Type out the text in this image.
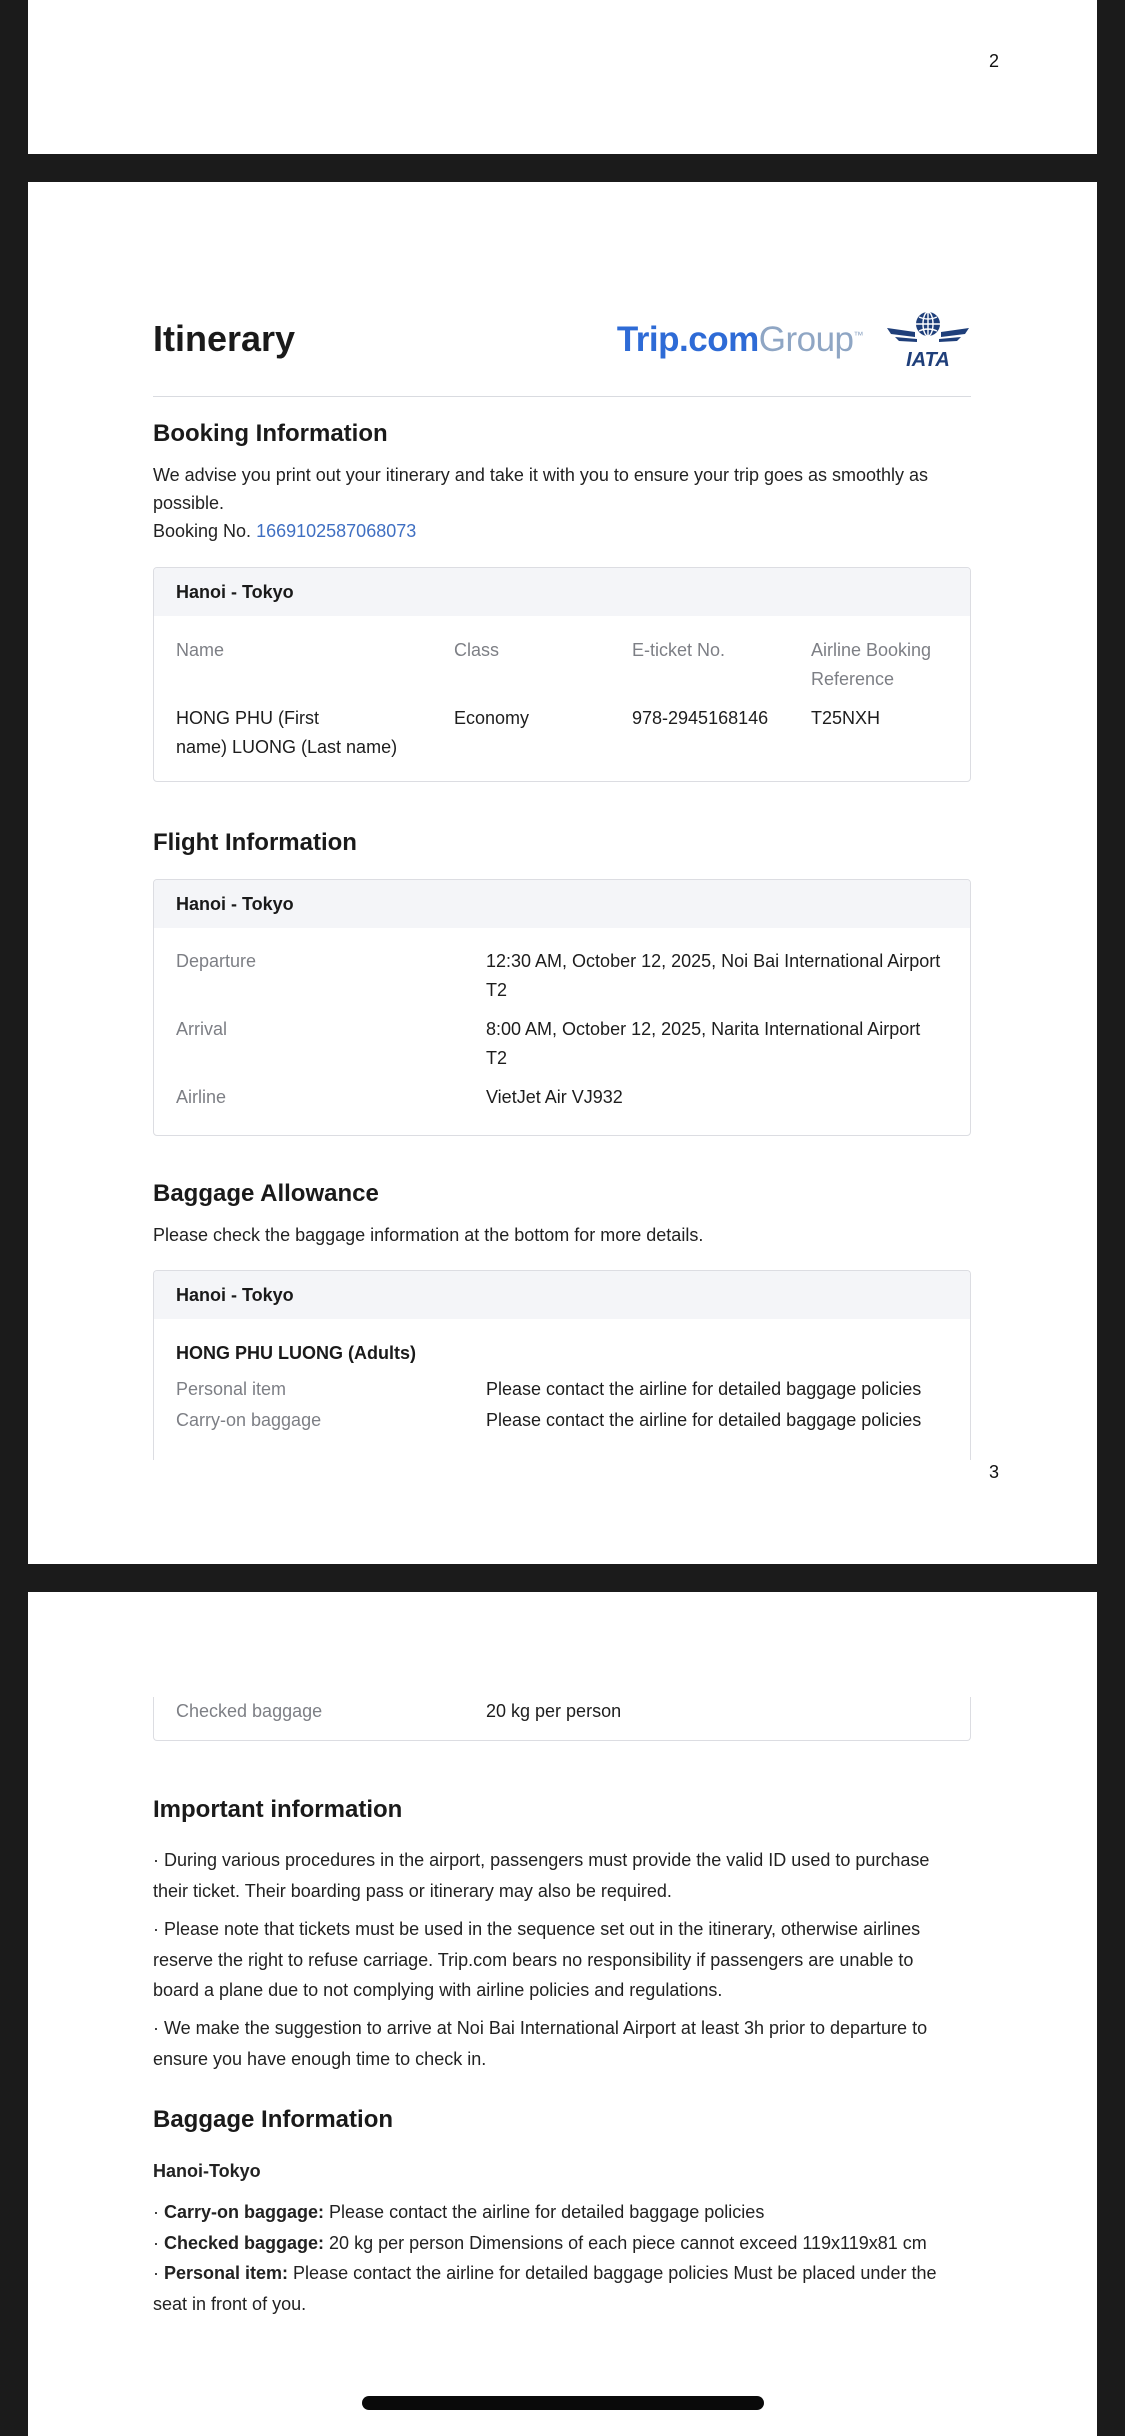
2
Itinerary	Trip.comGroup™
IATA
Booking Information
We advise you print out your itinerary and take it with you to ensure your trip goes as smoothly as
possible.
Booking No. 1669102587068073
Hanoi - Tokyo
Name	Class	E-ticket No.	Airline Booking
Reference
HONG PHU (First
name) LUONG (Last name)
Economy	978-2945168146 T25NXH
Flight Information
Hanoi - Tokyo
Departure	12:30 AM, October 12, 2025, Noi Bai International Airport
T2
Arrival	8:00 AM, October 12, 2025, Narita International Airport
T2
Airline	VietJet Air VJ932
Baggage Allowance
Please check the baggage information at the bottom for more details.
Hanoi - Tokyo
HONG PHU LUONG (Adults)
Personal item	Please contact the airline for detailed baggage policies
Carry-on baggage	Please contact the airline for detailed baggage policies
3
Checked baggage	20 kg per person
Important information
· During various procedures in the airport, passengers must provide the valid ID used to purchase
their ticket. Their boarding pass or itinerary may also be required.
· Please note that tickets must be used in the sequence set out in the itinerary, otherwise airlines
reserve the right to refuse carriage. Trip.com bears no responsibility if passengers are unable to
board a plane due to not complying with airline policies and regulations.
· We make the suggestion to arrive at Noi Bai International Airport at least 3h prior to departure to
ensure you have enough time to check in.
Baggage Information
Hanoi-Tokyo
· Carry-on baggage: Please contact the airline for detailed baggage policies
· Checked baggage: 20 kg per person Dimensions of each piece cannot exceed 119x119x81 cm
· Personal item: Please contact the airline for detailed baggage policies Must be placed under the
seat in front of you.
